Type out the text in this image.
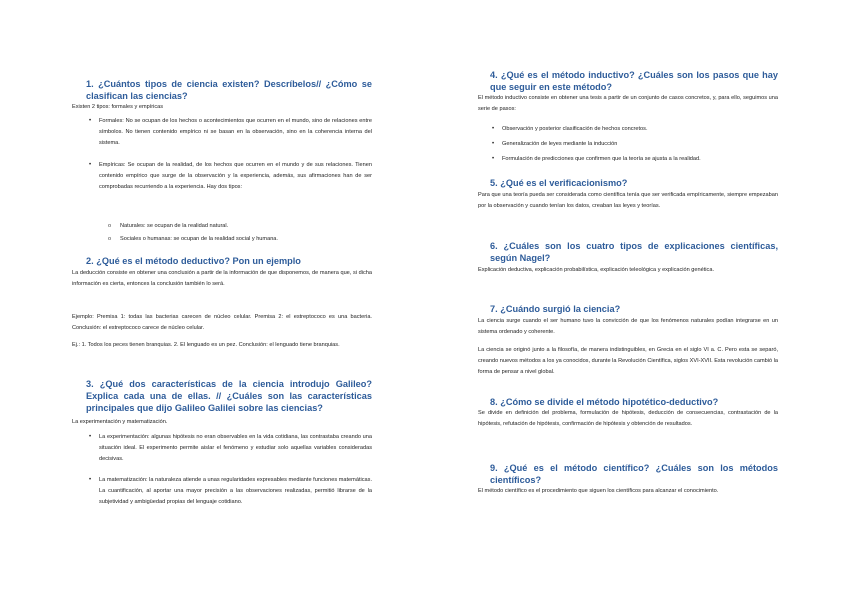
1. ¿Cuántos tipos de ciencia existen? Descríbelos// ¿Cómo se clasifican las ciencias?

Existen 2 tipos: formales y empíricas

• Formales: No se ocupan de los hechos o acontecimientos que ocurren en el mundo, sino de relaciones entre símbolos. No tienen contenido empírico ni se basan en la observación, sino en la coherencia interna del sistema.

• Empíricas: Se ocupan de la realidad, de los hechos que ocurren en el mundo y de sus relaciones. Tienen contenido empírico que surge de la observación y la experiencia, además, sus afirmaciones han de ser comprobadas recurriendo a la experiencia. Hay dos tipos:

o Naturales: se ocupan de la realidad natural.

o Sociales o humanas: se ocupan de la realidad social y humana.

2. ¿Qué es el método deductivo? Pon un ejemplo

La deducción consiste en obtener una conclusión a partir de la información de que disponemos, de manera que, si dicha información es cierta, entonces la conclusión también lo será.

Ejemplo: Premisa 1: todas las bacterias carecen de núcleo celular. Premisa 2: el estreptococo es una bacteria. Conclusión: el estreptococo carece de núcleo celular.

Ej.: 1. Todos los peces tienen branquias. 2. El lenguado es un pez. Conclusión: el lenguado tiene branquias.

3. ¿Qué dos características de la ciencia introdujo Galileo? Explica cada una de ellas. // ¿Cuáles son las características principales que dijo Galileo Galilei sobre las ciencias?

La experimentación y matematización.

• La experimentación: algunas hipótesis no eran observables en la vida cotidiana, las contrastaba creando una situación ideal. El experimento permite aislar el fenómeno y estudiar solo aquellas variables consideradas decisivas.

• La matematización: la naturaleza atiende a unas regularidades expresables mediante funciones matemáticas. La cuantificación, al aportar una mayor precisión a las observaciones realizadas, permitió librarse de la subjetividad y ambigüedad propias del lenguaje cotidiano.

4. ¿Qué es el método inductivo? ¿Cuáles son los pasos que hay que seguir en este método?

El método inductivo consiste en obtener una tesis a partir de un conjunto de casos concretos, y, para ello, seguimos una serie de pasos:

• Observación y posterior clasificación de hechos concretos.

• Generalización de leyes mediante la inducción

• Formulación de predicciones que confirmen que la teoría se ajusta a la realidad.

5. ¿Qué es el verificacionismo?

Para que una teoría pueda ser considerada como científica tenía que ser verificada empíricamente, siempre empezaban por la observación y cuando tenían los datos, creaban las leyes y teorías.

6. ¿Cuáles son los cuatro tipos de explicaciones científicas, según Nagel?

Explicación deductiva, explicación probabilística, explicación teleológica y explicación genética.

7. ¿Cuándo surgió la ciencia?

La ciencia surge cuando el ser humano tuvo la convicción de que los fenómenos naturales podían integrarse en un sistema ordenado y coherente.

La ciencia se originó junto a la filosofía, de manera indistinguibles, en Grecia en el siglo VI a. C. Pero esta se separó, creando nuevos métodos a los ya conocidos, durante la Revolución Científica, siglos XVI-XVII. Esta revolución cambió la forma de pensar a nivel global.

8. ¿Cómo se divide el método hipotético-deductivo?

Se divide en definición del problema, formulación de hipótesis, deducción de consecuencias, contrastación de la hipótesis, refutación de hipótesis, confirmación de hipótesis y obtención de resultados.

9. ¿Qué es el método científico? ¿Cuáles son los métodos científicos?

El método científico es el procedimiento que siguen los científicos para alcanzar el conocimiento.
